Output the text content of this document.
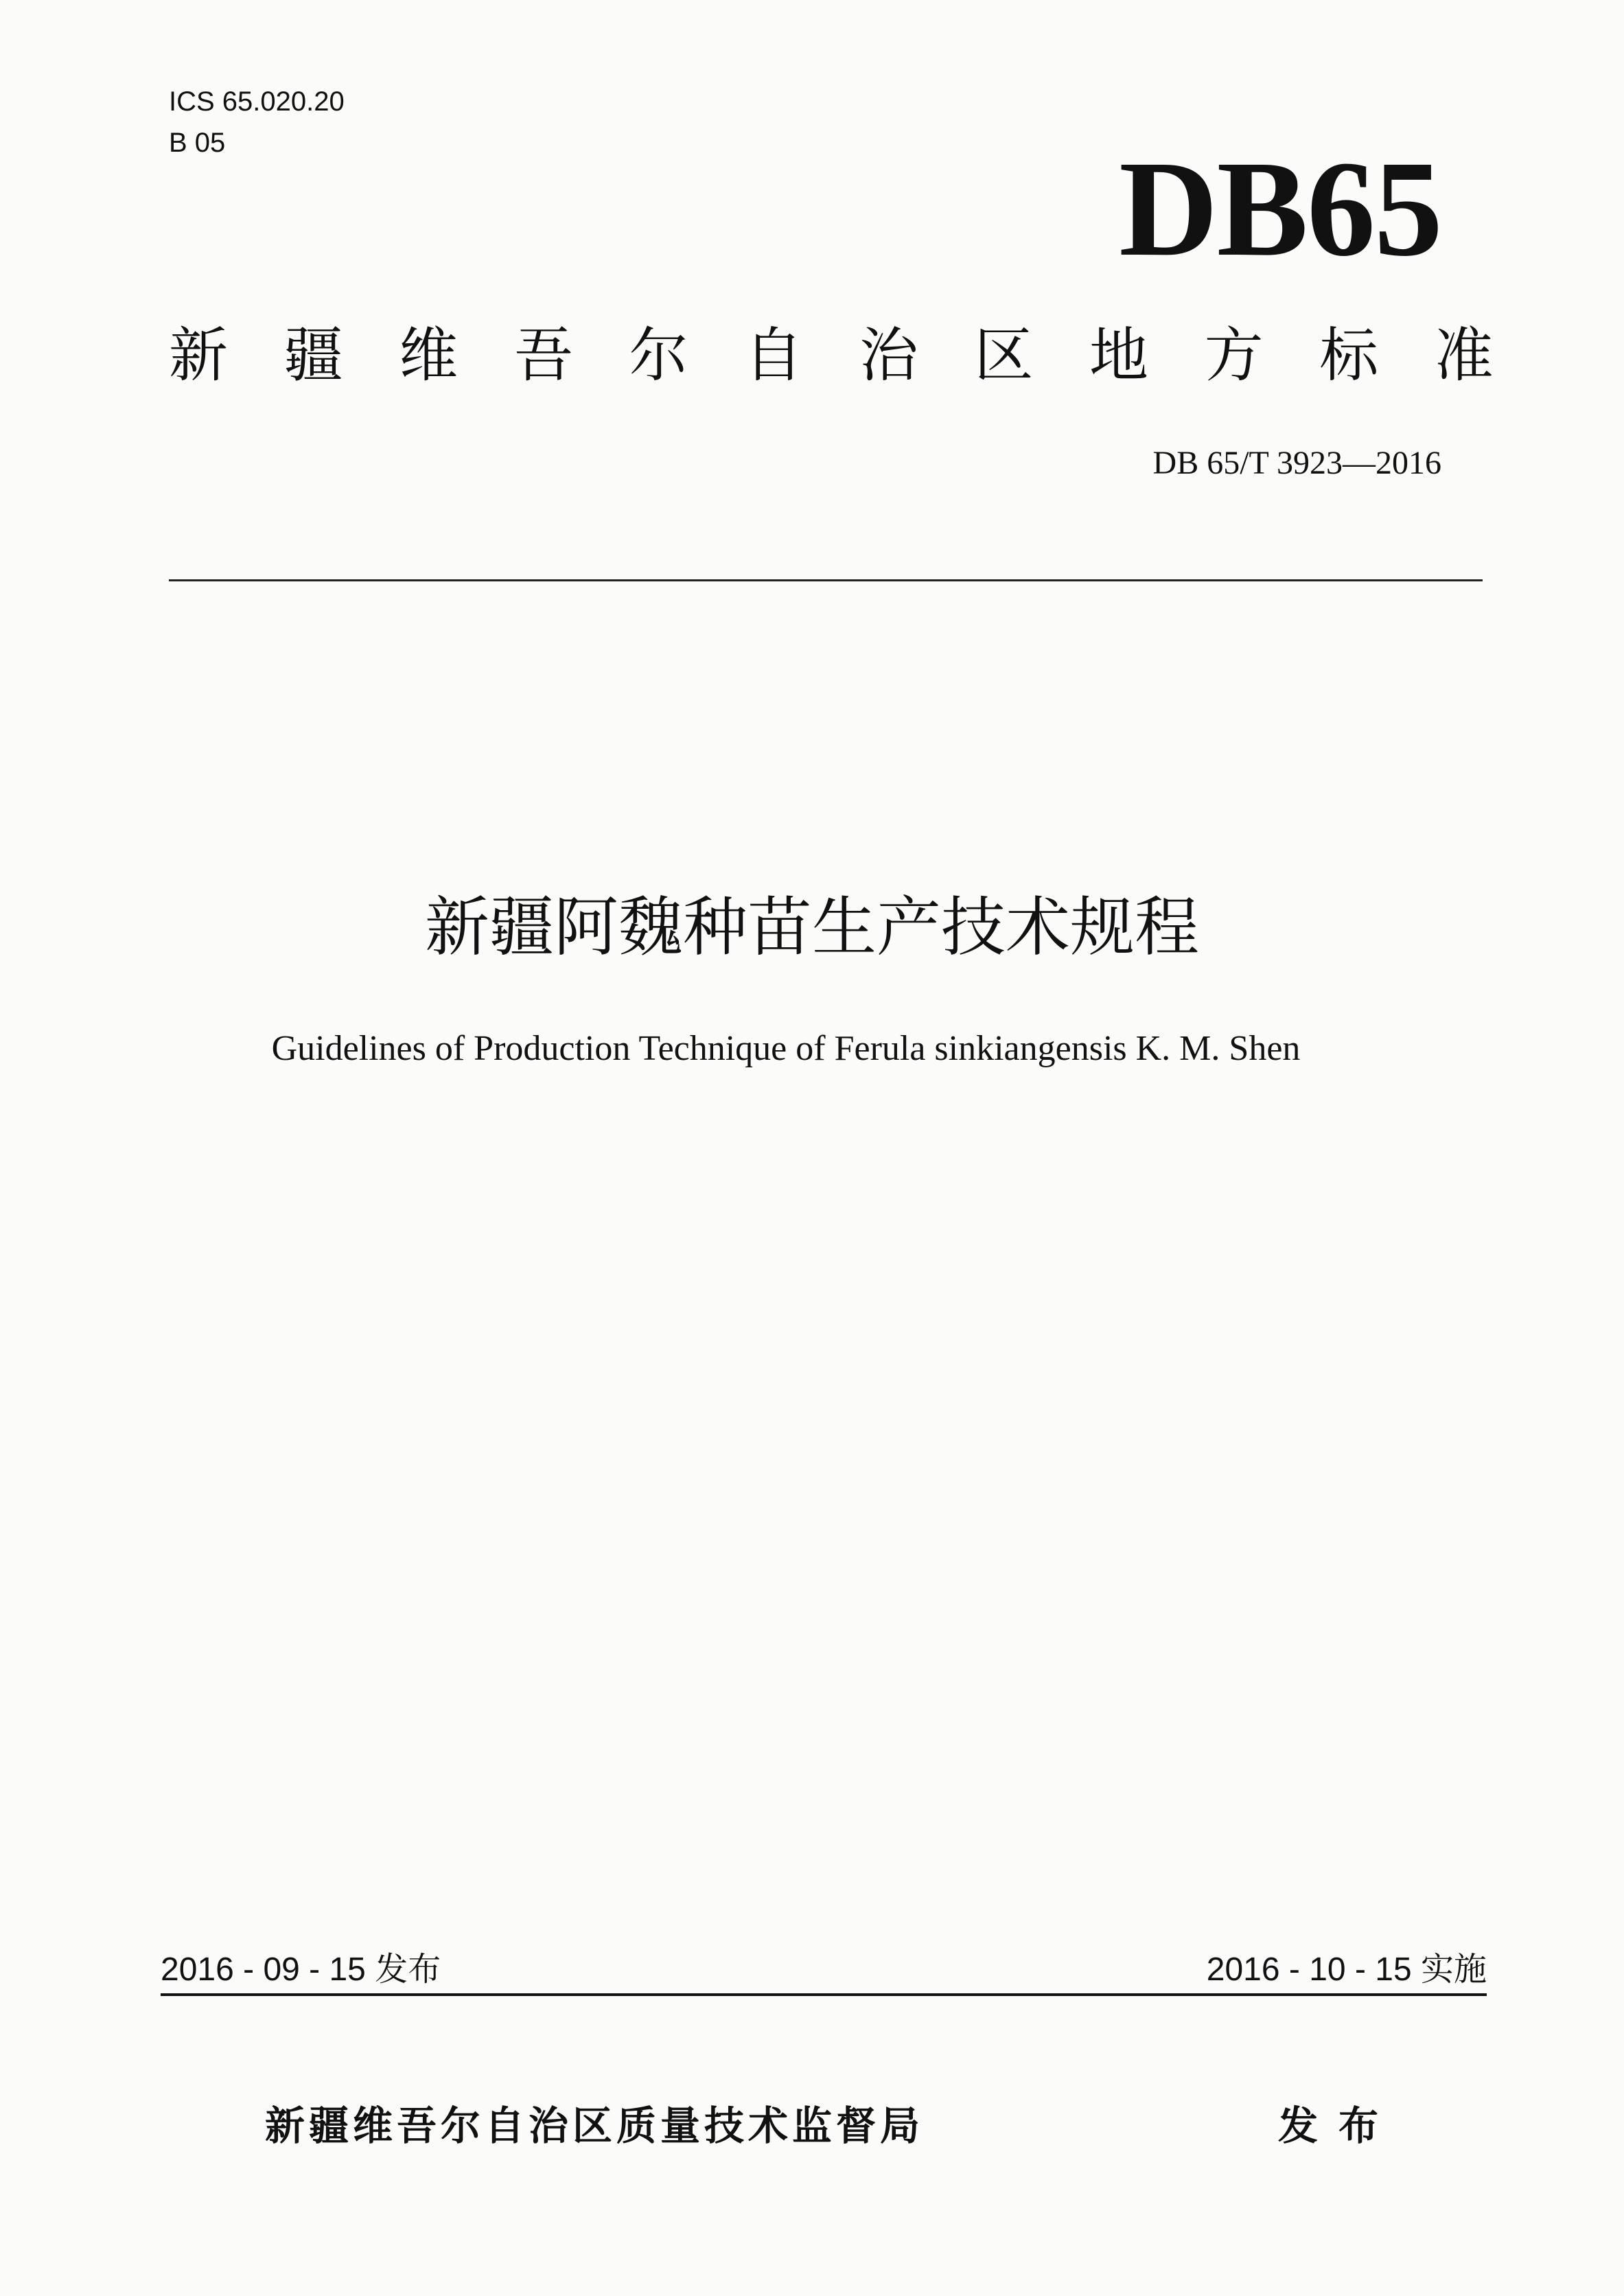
ICS 65.020.20
B 05	DB65
新 疆 维 吾 尔 自 治 区 地 方 标 准
DB 65/T 3923—2016
新疆阿魏种苗生产技术规程
Guidelines of Production Technique of Ferula sinkiangensis K. M. Shen
2016 - 09 - 15 发布	2016 - 10 - 15 实施
新疆维吾尔自治区质量技术监督局	发布
